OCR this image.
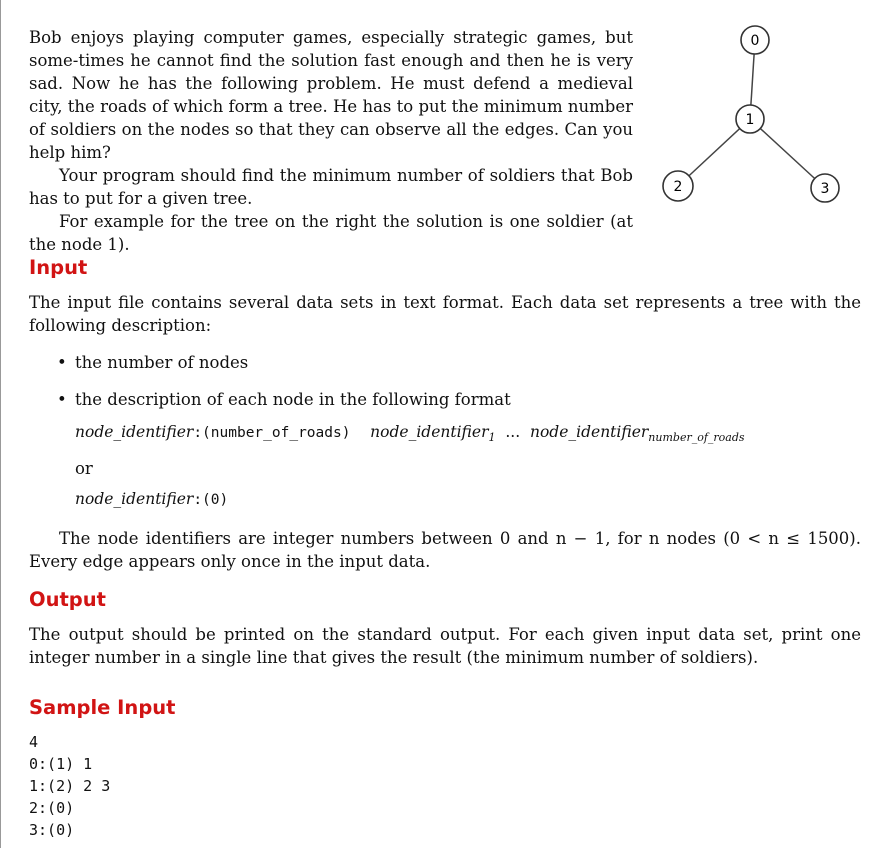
Bob enjoys playing computer games, especially strategic games, but some-times he cannot find the solution fast enough and then he is very sad. Now he has the following problem. He must defend a medieval city, the roads of which form a tree. He has to put the minimum number of soldiers on the nodes so that they can observe all the edges. Can you help him?

Your program should find the minimum number of soldiers that Bob has to put for a given tree.

For example for the tree on the right the solution is one soldier (at the node 1).

0
1
2	3
Input

The input file contains several data sets in text format. Each data set represents a tree with the following description:

• the number of nodes
• the description of each node in the following format
node_identifier:(number_of_roads) node_identifier$_1$ ... node_identifier$_{number\_of\_roads}$
or
node_identifier:(0)

The node identifiers are integer numbers between 0 and n − 1, for n nodes (0 < n ≤ 1500). Every edge appears only once in the input data.

Output

The output should be printed on the standard output. For each given input data set, print one integer number in a single line that gives the result (the minimum number of soldiers).

Sample Input
4
0:(1) 1
1:(2) 2 3
2:(0)
3:(0)
